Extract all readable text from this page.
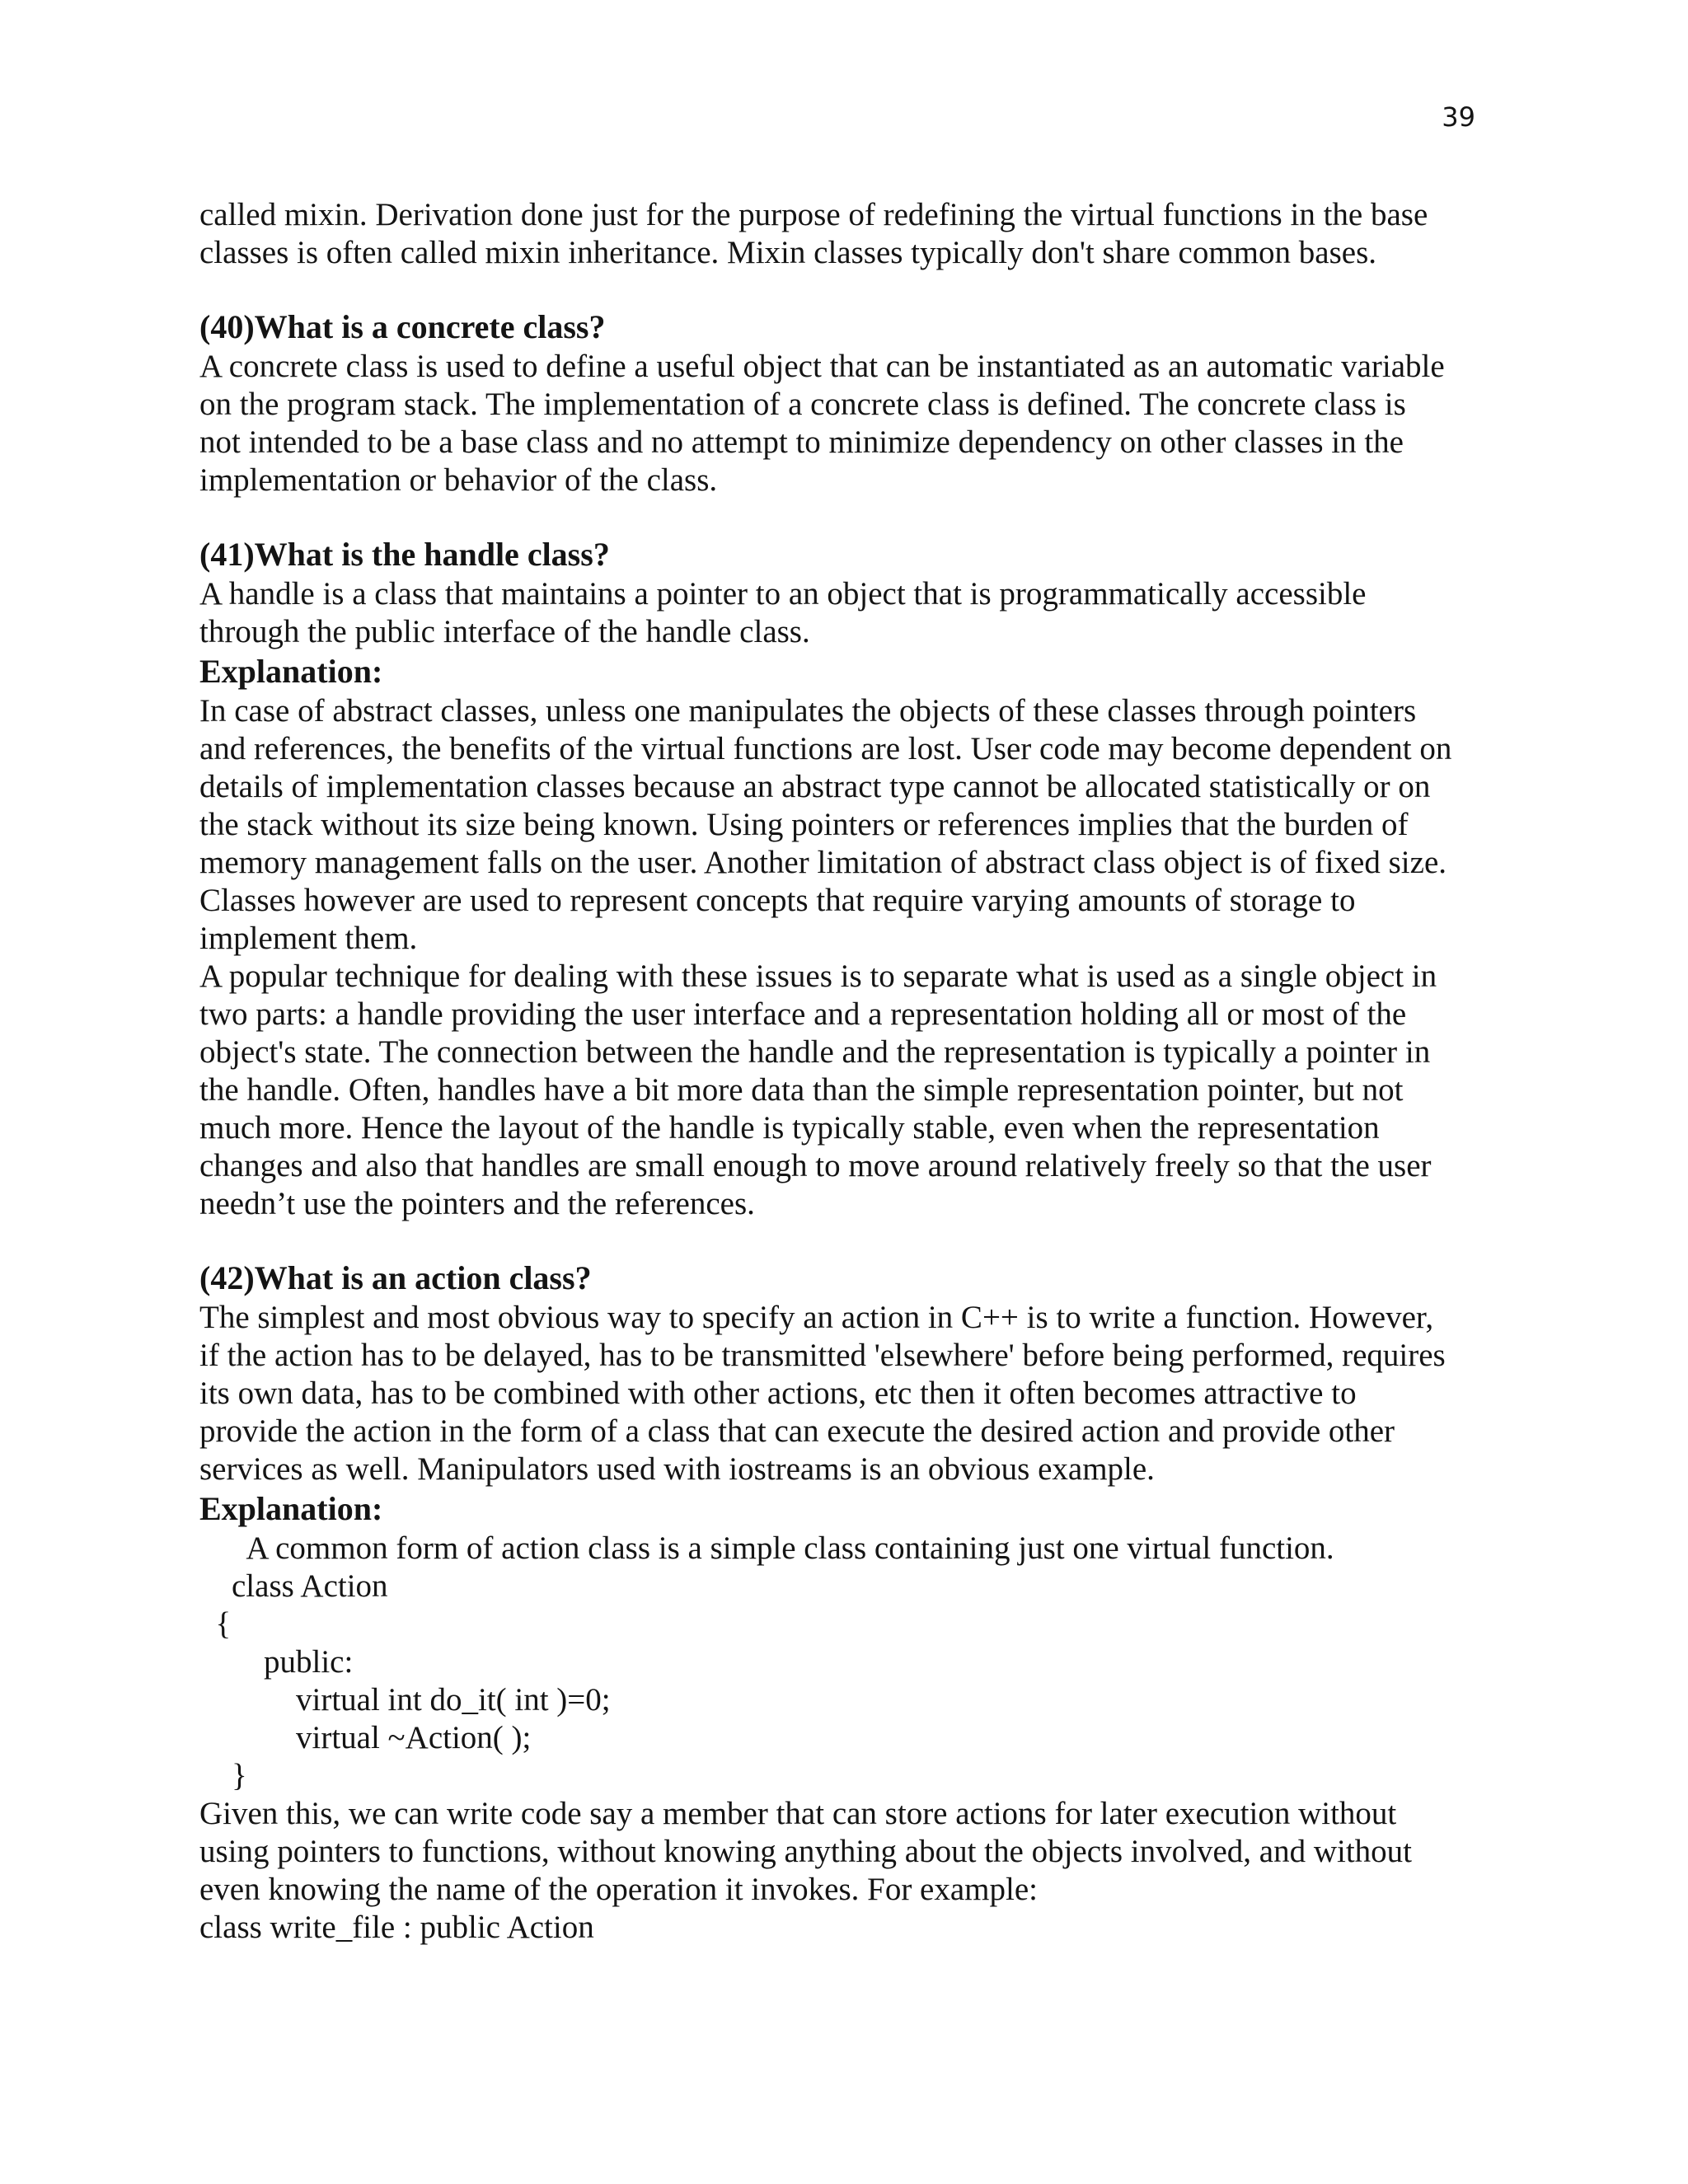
39
called mixin. Derivation done just for the purpose of redefining the virtual functions in the base
classes is often called mixin inheritance. Mixin classes typically don't share common bases.
(40)What is a concrete class?
A concrete class is used to define a useful object that can be instantiated as an automatic variable
on the program stack. The implementation of a concrete class is defined. The concrete class is
not intended to be a base class and no attempt to minimize dependency on other classes in the
implementation or behavior of the class.
(41)What is the handle class?
A handle is a class that maintains a pointer to an object that is programmatically accessible
through the public interface of the handle class.
Explanation:
In case of abstract classes, unless one manipulates the objects of these classes through pointers
and references, the benefits of the virtual functions are lost. User code may become dependent on
details of implementation classes because an abstract type cannot be allocated statistically or on
the stack without its size being known. Using pointers or references implies that the burden of
memory management falls on the user. Another limitation of abstract class object is of fixed size.
Classes however are used to represent concepts that require varying amounts of storage to
implement them.
A popular technique for dealing with these issues is to separate what is used as a single object in
two parts: a handle providing the user interface and a representation holding all or most of the
object's state. The connection between the handle and the representation is typically a pointer in
the handle. Often, handles have a bit more data than the simple representation pointer, but not
much more. Hence the layout of the handle is typically stable, even when the representation
changes and also that handles are small enough to move around relatively freely so that the user
needn’t use the pointers and the references.
(42)What is an action class?
The simplest and most obvious way to specify an action in C++ is to write a function. However,
if the action has to be delayed, has to be transmitted 'elsewhere' before being performed, requires
its own data, has to be combined with other actions, etc then it often becomes attractive to
provide the action in the form of a class that can execute the desired action and provide other
services as well. Manipulators used with iostreams is an obvious example.
Explanation:
A common form of action class is a simple class containing just one virtual function.
class Action
{
public:
virtual int do_it( int )=0;
virtual ~Action( );
}
Given this, we can write code say a member that can store actions for later execution without
using pointers to functions, without knowing anything about the objects involved, and without
even knowing the name of the operation it invokes. For example:
class write_file : public Action
